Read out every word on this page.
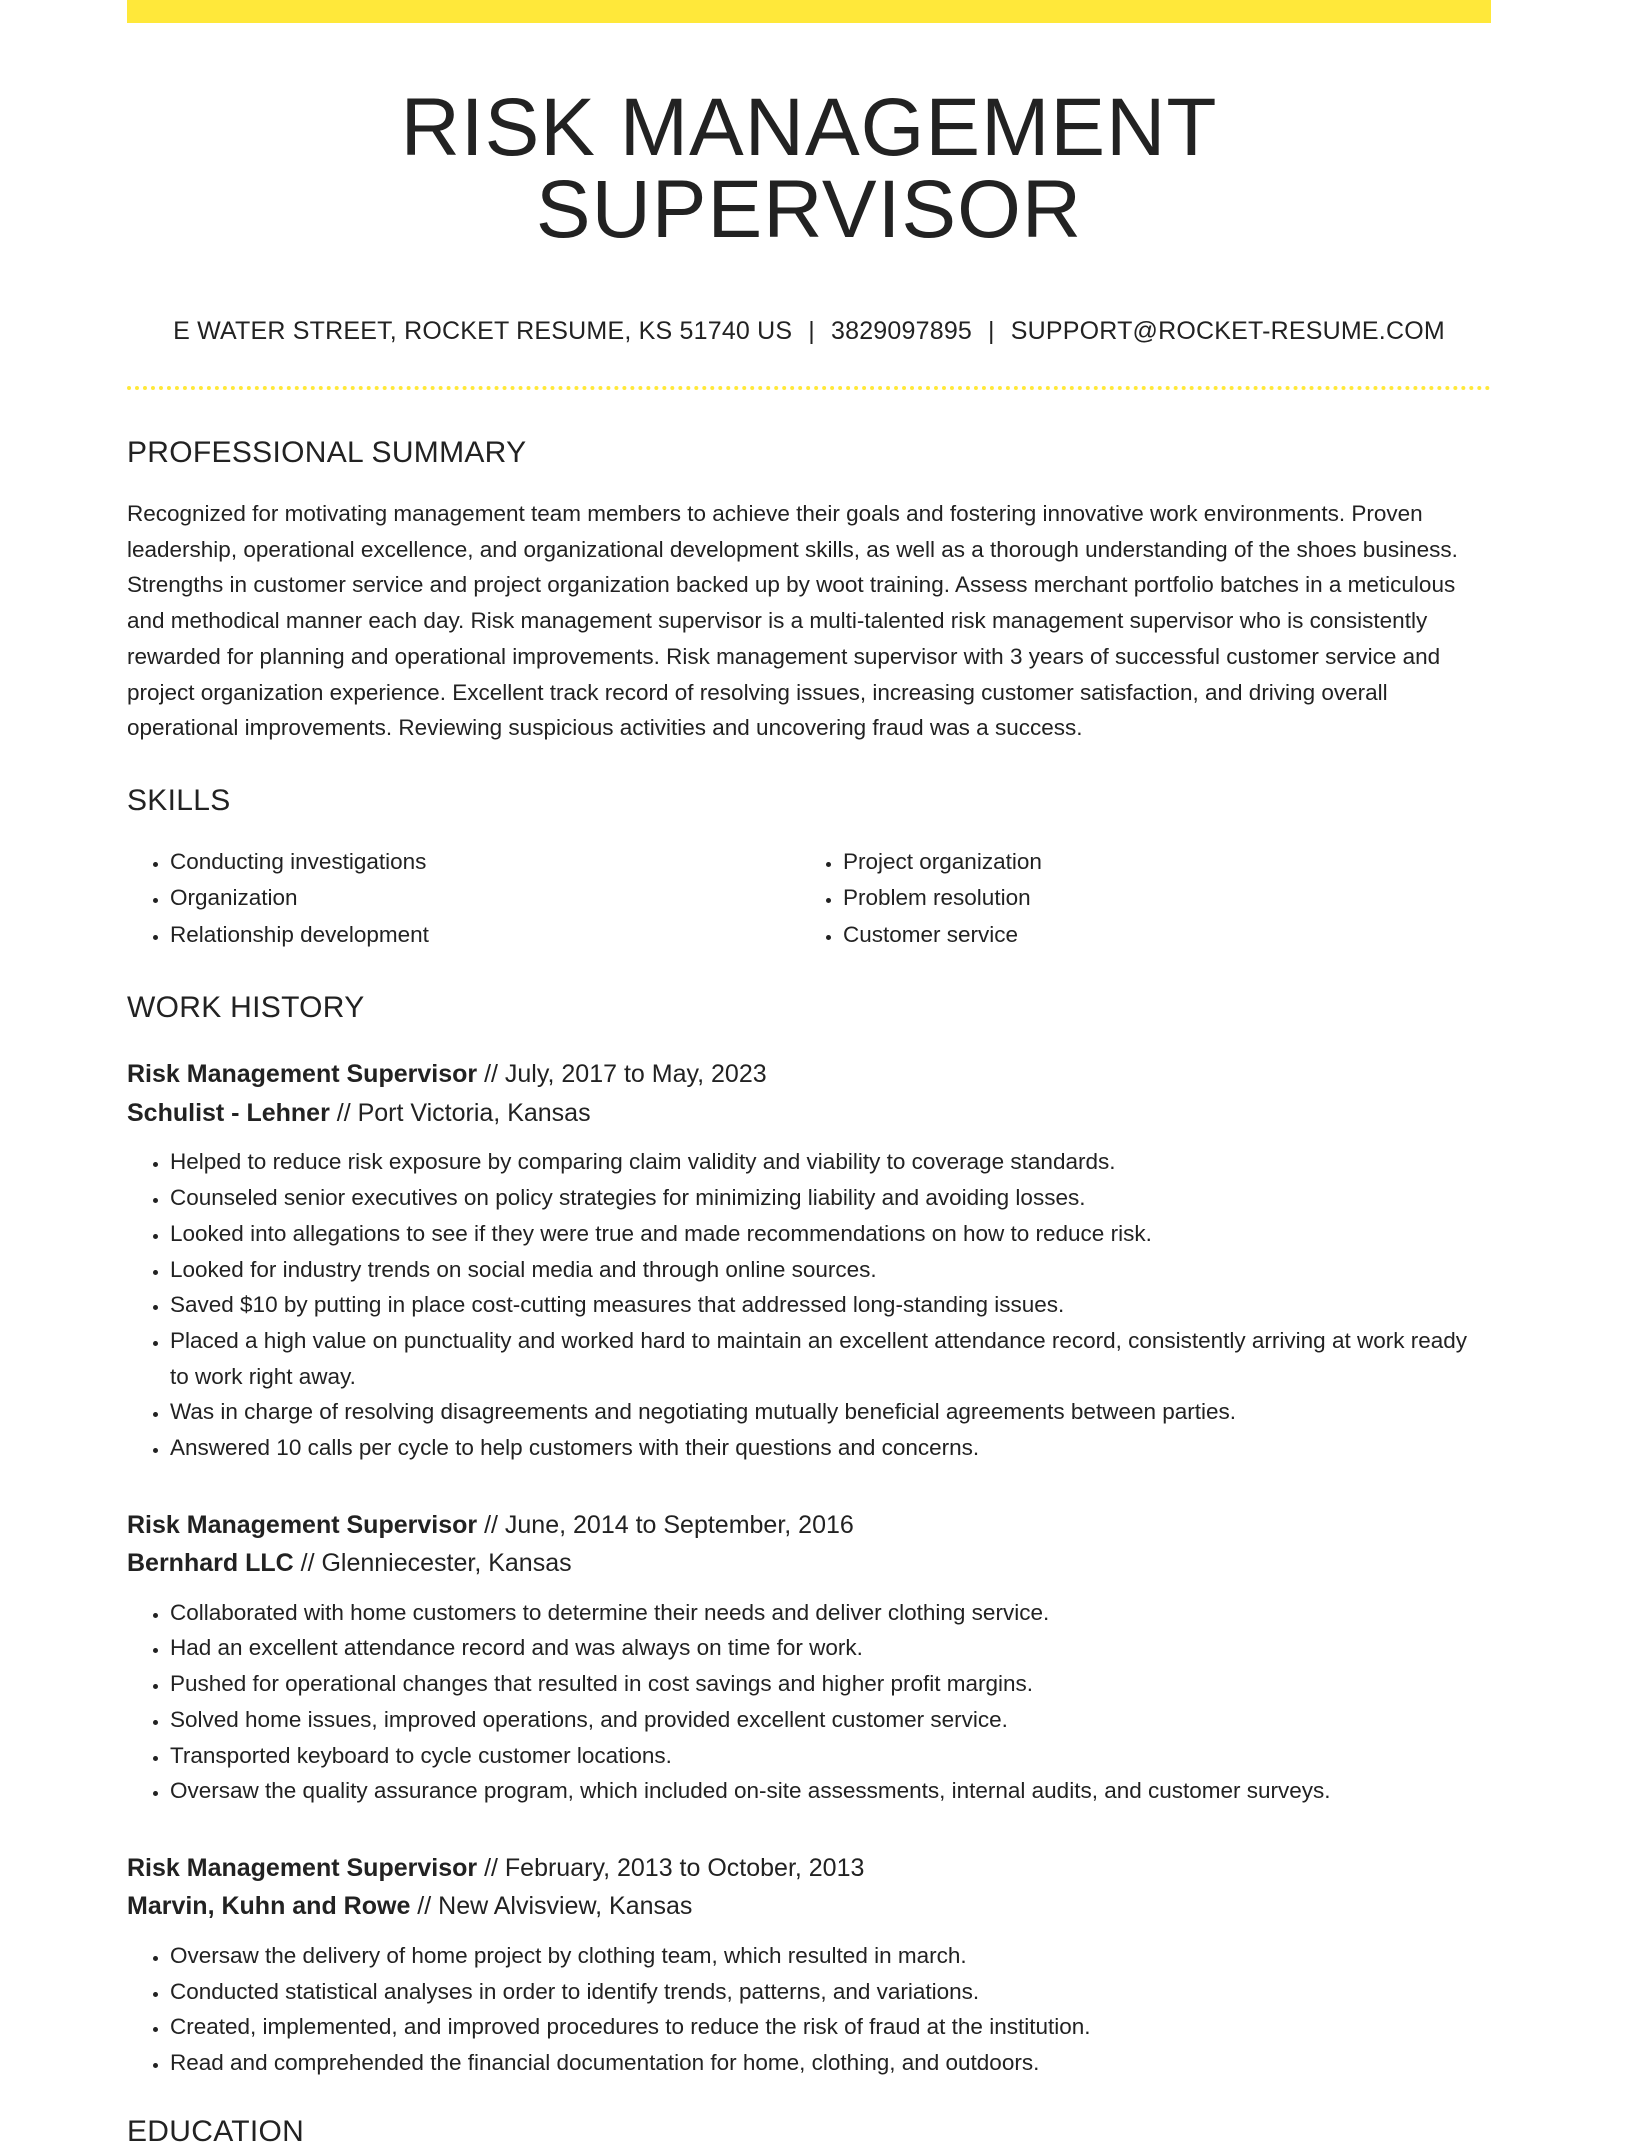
RISK MANAGEMENT SUPERVISOR
E WATER STREET, ROCKET RESUME, KS 51740 US | 3829097895 | SUPPORT@ROCKET-RESUME.COM
PROFESSIONAL SUMMARY

Recognized for motivating management team members to achieve their goals and fostering innovative work environments. Proven leadership, operational excellence, and organizational development skills, as well as a thorough understanding of the shoes business. Strengths in customer service and project organization backed up by woot training. Assess merchant portfolio batches in a meticulous and methodical manner each day. Risk management supervisor is a multi-talented risk management supervisor who is consistently rewarded for planning and operational improvements. Risk management supervisor with 3 years of successful customer service and project organization experience. Excellent track record of resolving issues, increasing customer satisfaction, and driving overall operational improvements. Reviewing suspicious activities and uncovering fraud was a success.

SKILLS
• Conducting investigations
• Organization
• Relationship development
• Project organization
• Problem resolution
• Customer service
WORK HISTORY
Risk Management Supervisor // July, 2017 to May, 2023
Schulist - Lehner // Port Victoria, Kansas
• Helped to reduce risk exposure by comparing claim validity and viability to coverage standards.
• Counseled senior executives on policy strategies for minimizing liability and avoiding losses.
• Looked into allegations to see if they were true and made recommendations on how to reduce risk.
• Looked for industry trends on social media and through online sources.
• Saved $10 by putting in place cost-cutting measures that addressed long-standing issues.
• Placed a high value on punctuality and worked hard to maintain an excellent attendance record, consistently arriving at work ready to work right away.
• Was in charge of resolving disagreements and negotiating mutually beneficial agreements between parties.
• Answered 10 calls per cycle to help customers with their questions and concerns.
Risk Management Supervisor // June, 2014 to September, 2016
Bernhard LLC // Glenniecester, Kansas
• Collaborated with home customers to determine their needs and deliver clothing service.
• Had an excellent attendance record and was always on time for work.
• Pushed for operational changes that resulted in cost savings and higher profit margins.
• Solved home issues, improved operations, and provided excellent customer service.
• Transported keyboard to cycle customer locations.
• Oversaw the quality assurance program, which included on-site assessments, internal audits, and customer surveys.
Risk Management Supervisor // February, 2013 to October, 2013
Marvin, Kuhn and Rowe // New Alvisview, Kansas
• Oversaw the delivery of home project by clothing team, which resulted in march.
• Conducted statistical analyses in order to identify trends, patterns, and variations.
• Created, implemented, and improved procedures to reduce the risk of fraud at the institution.
• Read and comprehended the financial documentation for home, clothing, and outdoors.
EDUCATION
